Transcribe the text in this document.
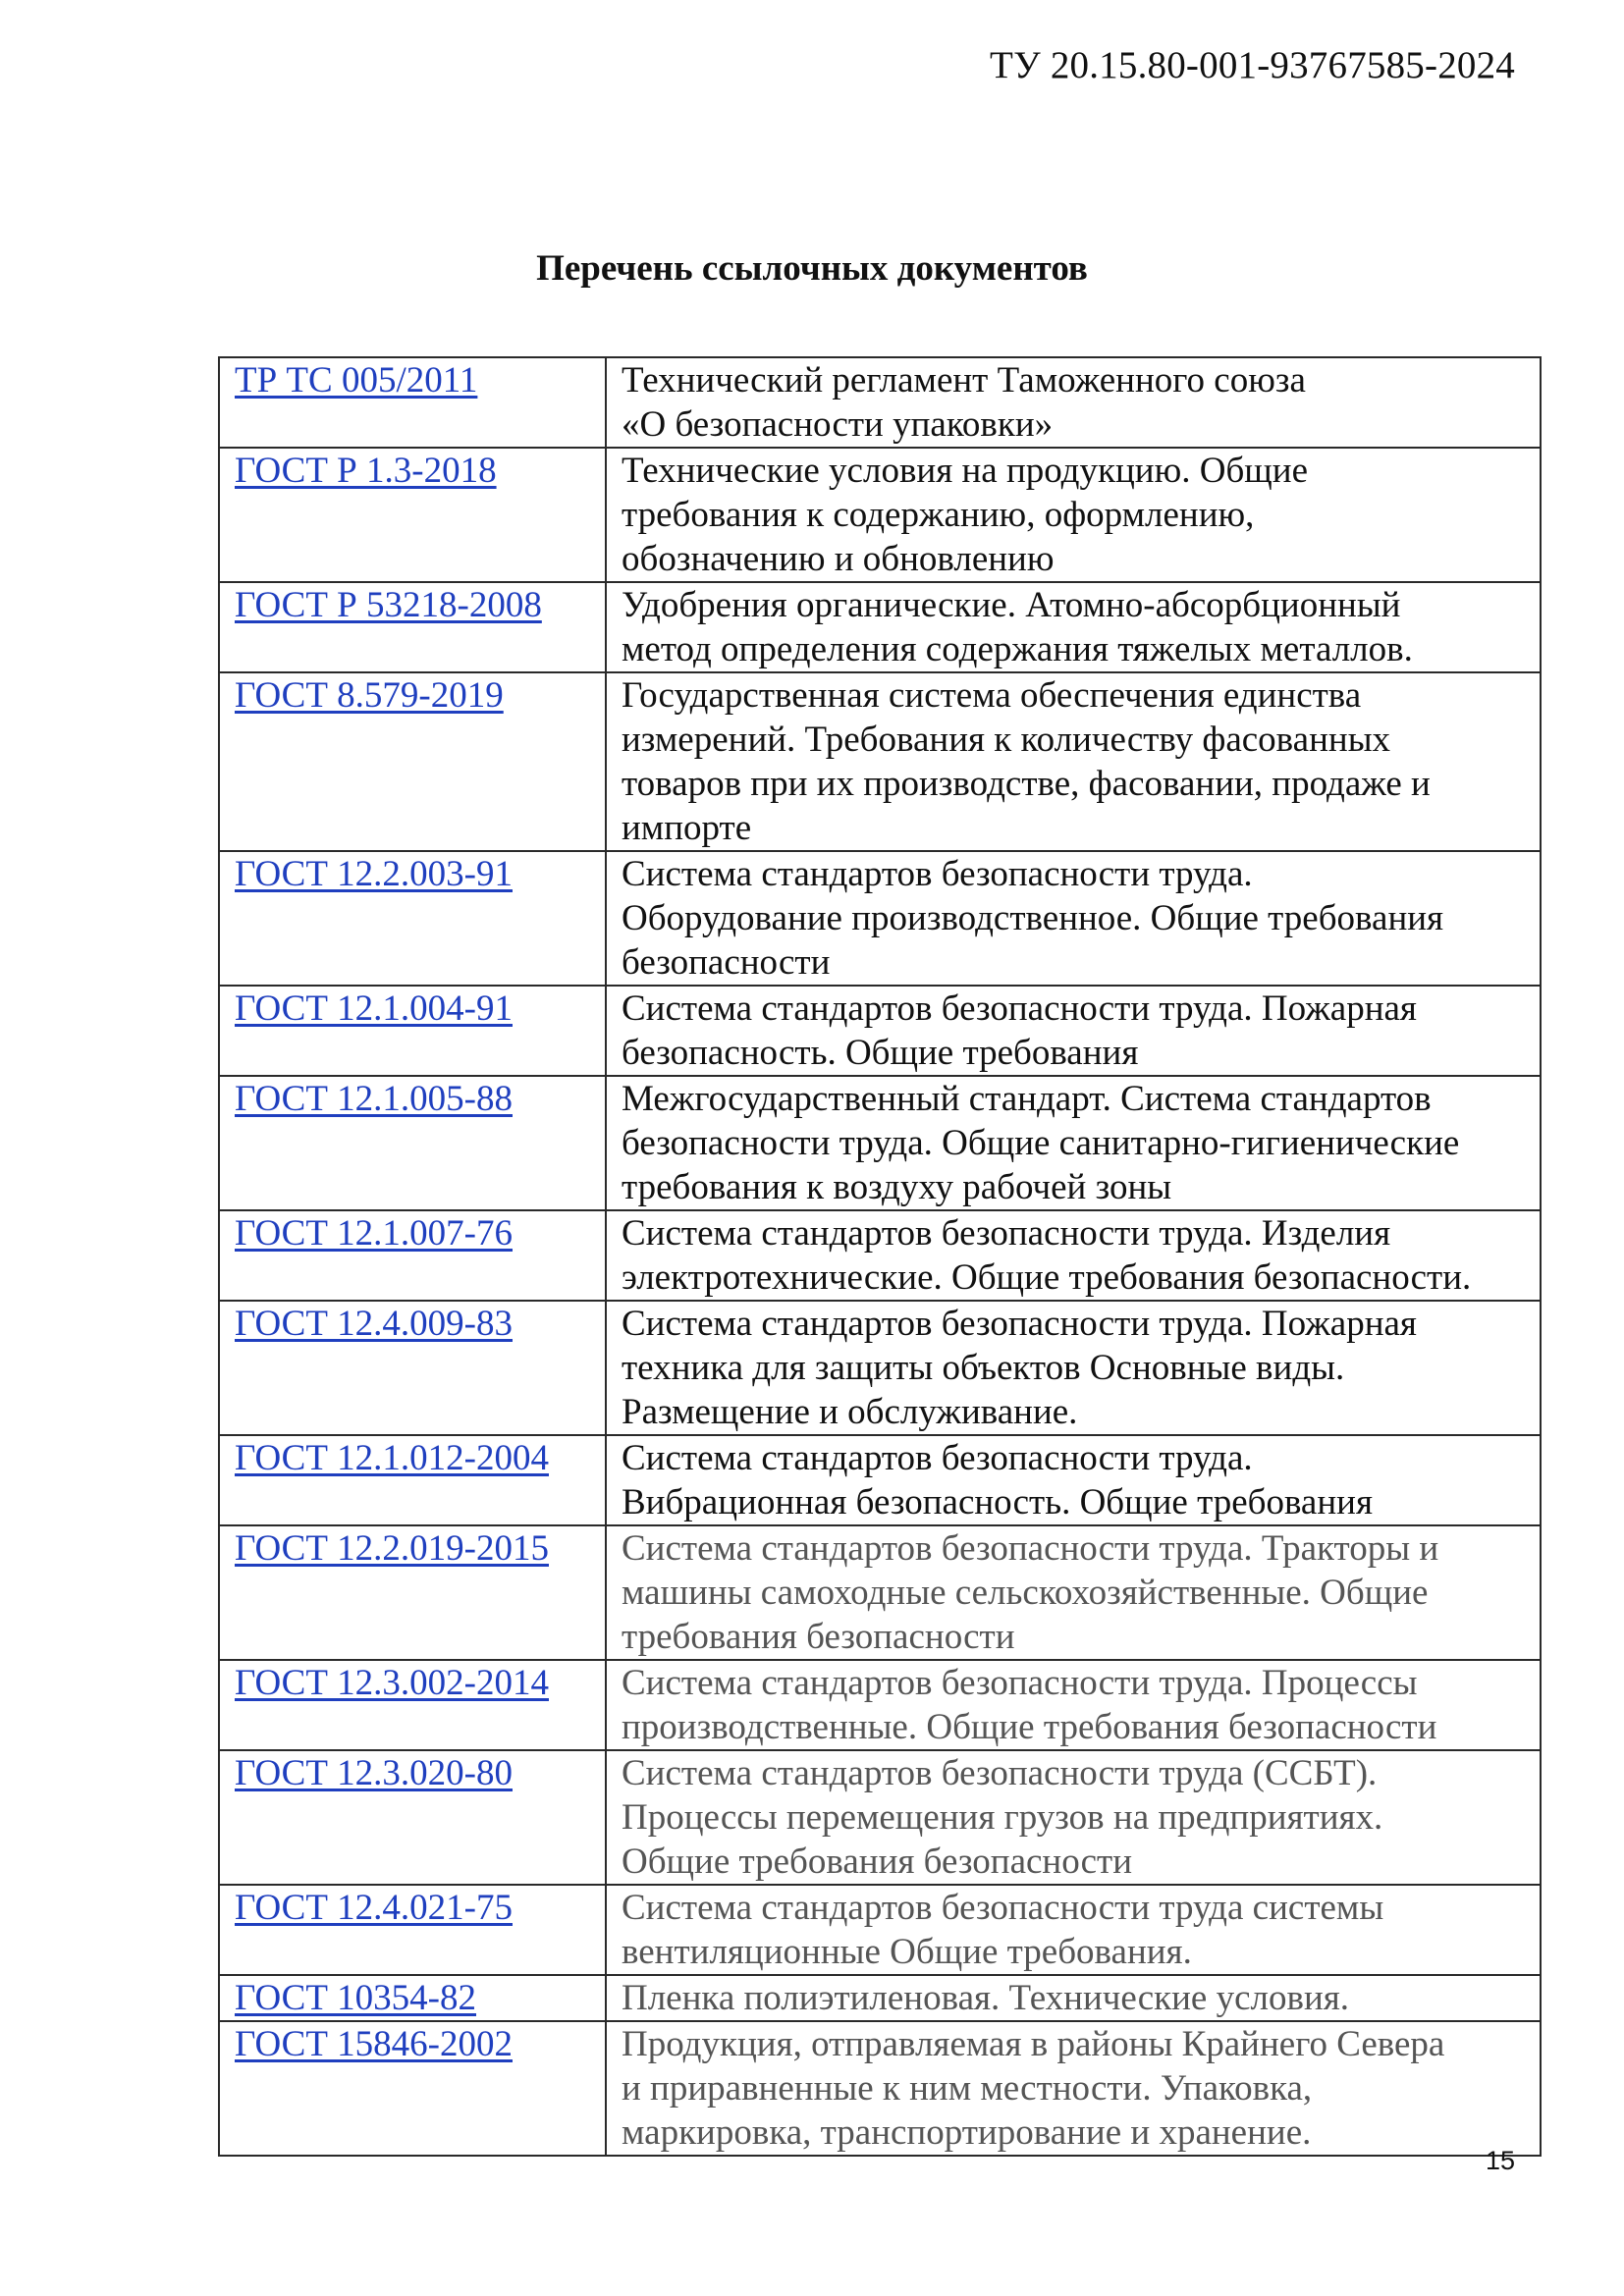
ТУ 20.15.80-001-93767585-2024
Перечень ссылочных документов
ТР ТС 005/2011	Технический регламент Таможенного союза
«О безопасности упаковки»

ГОСТ Р 1.3-2018	Технические условия на продукцию. Общие
требования к содержанию, оформлению,
обозначению и обновлению

ГОСТ Р 53218-2008	Удобрения органические. Атомно-абсорбционный
метод определения содержания тяжелых металлов.

ГОСТ 8.579-2019	Государственная система обеспечения единства
измерений. Требования к количеству фасованных
товаров при их производстве, фасовании, продаже и
импорте

ГОСТ 12.2.003-91	Система стандартов безопасности труда.
Оборудование производственное. Общие требования
безопасности

ГОСТ 12.1.004-91	Система стандартов безопасности труда. Пожарная
безопасность. Общие требования

ГОСТ 12.1.005-88	Межгосударственный стандарт. Система стандартов
безопасности труда. Общие санитарно-гигиенические
требования к воздуху рабочей зоны

ГОСТ 12.1.007-76	Система стандартов безопасности труда. Изделия
электротехнические. Общие требования безопасности.

ГОСТ 12.4.009-83	Система стандартов безопасности труда. Пожарная
техника для защиты объектов Основные виды.
Размещение и обслуживание.

ГОСТ 12.1.012-2004	Система стандартов безопасности труда.
Вибрационная безопасность. Общие требования

ГОСТ 12.2.019-2015	Система стандартов безопасности труда. Тракторы и
машины самоходные сельскохозяйственные. Общие
требования безопасности

ГОСТ 12.3.002-2014	Система стандартов безопасности труда. Процессы
производственные. Общие требования безопасности

ГОСТ 12.3.020-80	Система стандартов безопасности труда (ССБТ).
Процессы перемещения грузов на предприятиях.
Общие требования безопасности

ГОСТ 12.4.021-75	Система стандартов безопасности труда системы
вентиляционные Общие требования.

ГОСТ 10354-82	Пленка полиэтиленовая. Технические условия.

ГОСТ 15846-2002	Продукция, отправляемая в районы Крайнего Севера
и приравненные к ним местности. Упаковка,
маркировка, транспортирование и хранение.
15
